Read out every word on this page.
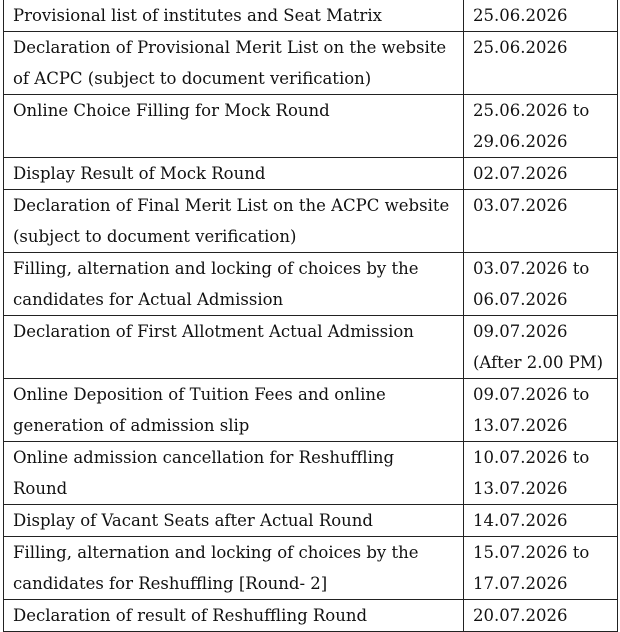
Provisional list of institutes and Seat Matrix	25.06.2026

Declaration of Provisional Merit List on the website
of ACPC (subject to document verification)	25.06.2026

Online Choice Filling for Mock Round	25.06.2026 to
29.06.2026

Display Result of Mock Round	02.07.2026

Declaration of Final Merit List on the ACPC website
(subject to document verification)	03.07.2026

Filling, alternation and locking of choices by the
candidates for Actual Admission	03.07.2026 to
06.07.2026

Declaration of First Allotment Actual Admission	09.07.2026
(After 2.00 PM)

Online Deposition of Tuition Fees and online
generation of admission slip	09.07.2026 to
13.07.2026

Online admission cancellation for Reshuffling
Round	10.07.2026 to
13.07.2026

Display of Vacant Seats after Actual Round	14.07.2026

Filling, alternation and locking of choices by the
candidates for Reshuffling [Round- 2]	15.07.2026 to
17.07.2026

Declaration of result of Reshuffling Round	20.07.2026
